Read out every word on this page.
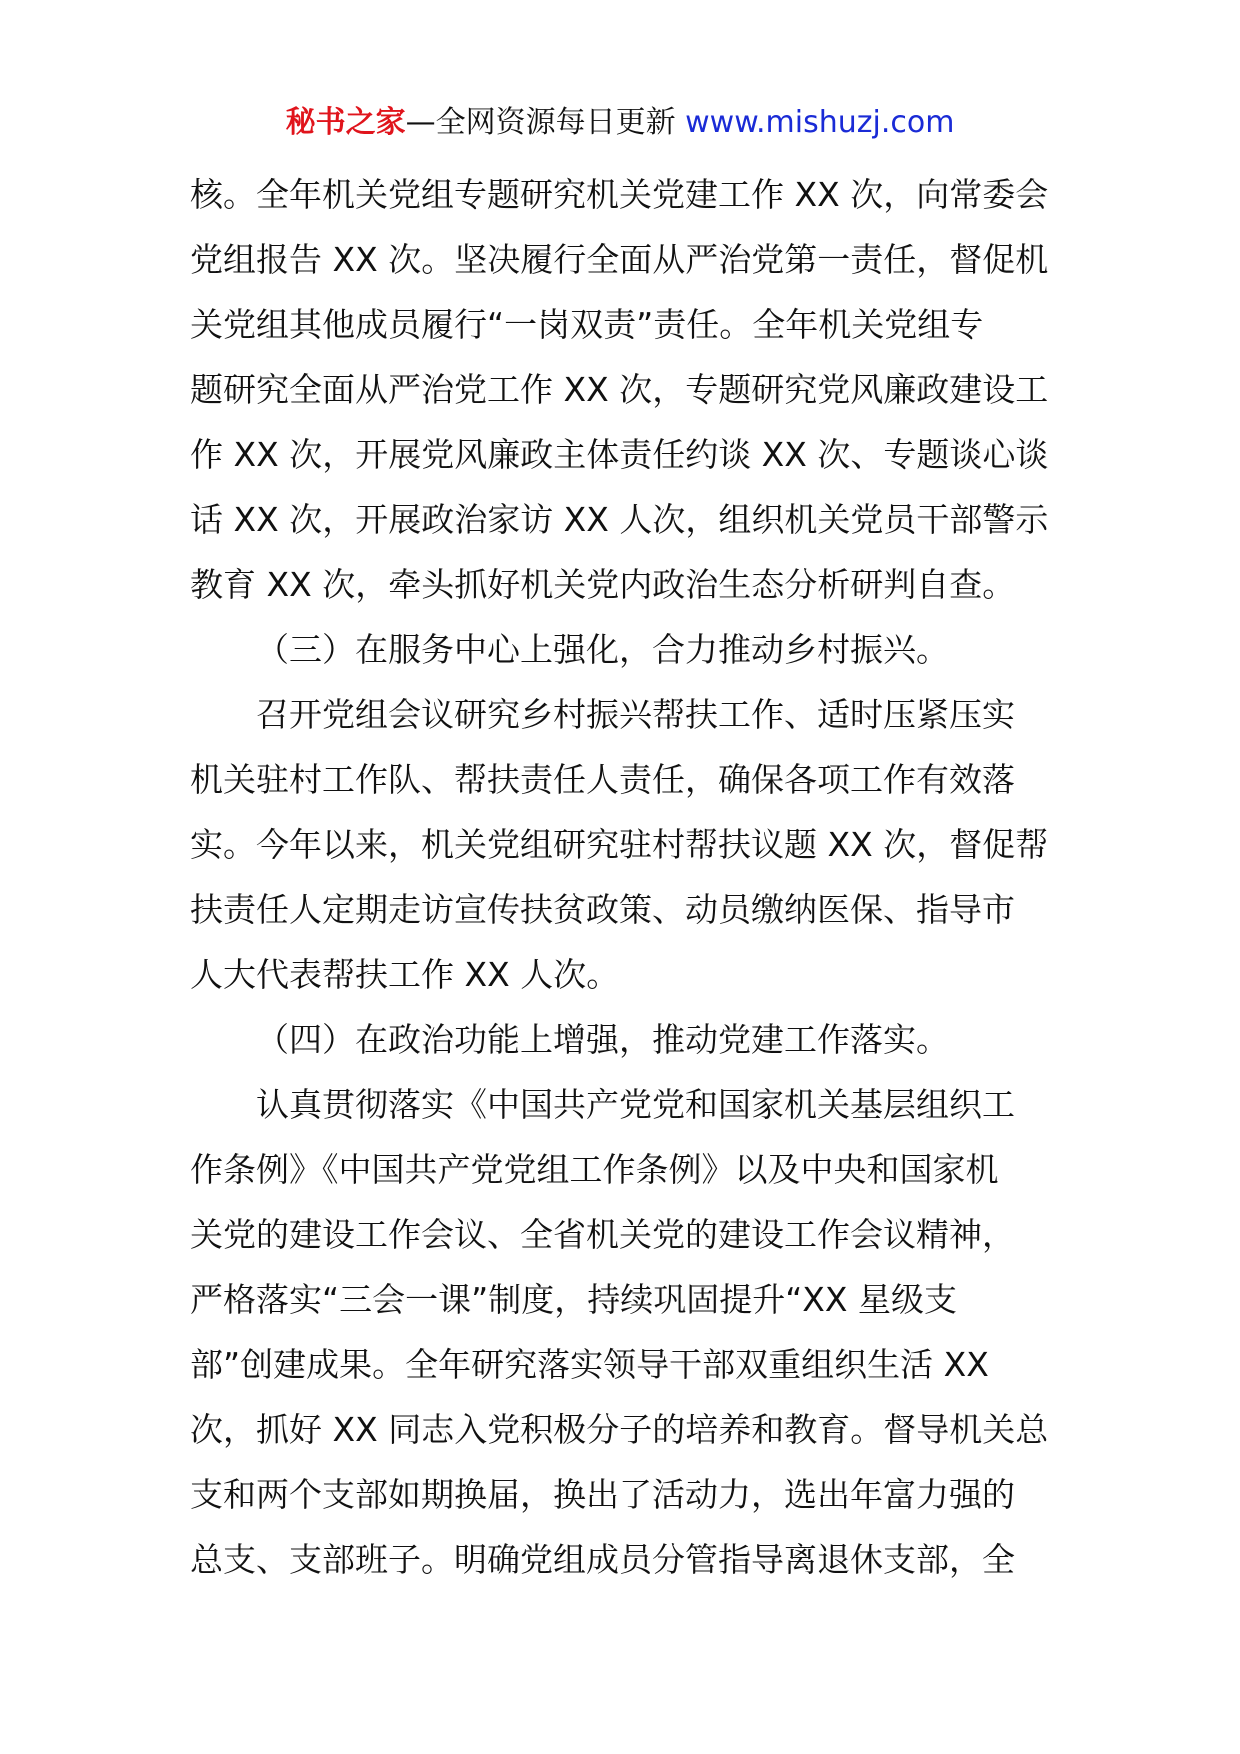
秘书之家—全网资源每日更新 www.mishuzj.com
核。全年机关党组专题研究机关党建工作 XX 次，向常委会
党组报告 XX 次。坚决履行全面从严治党第一责任，督促机
关党组其他成员履行“一岗双责”责任。全年机关党组专
题研究全面从严治党工作 XX 次，专题研究党风廉政建设工
作 XX 次，开展党风廉政主体责任约谈 XX 次、专题谈心谈
话 XX 次，开展政治家访 XX 人次，组织机关党员干部警示
教育 XX 次，牵头抓好机关党内政治生态分析研判自查。
（三）在服务中心上强化，合力推动乡村振兴。
召开党组会议研究乡村振兴帮扶工作、适时压紧压实
机关驻村工作队、帮扶责任人责任，确保各项工作有效落
实。今年以来，机关党组研究驻村帮扶议题 XX 次，督促帮
扶责任人定期走访宣传扶贫政策、动员缴纳医保、指导市
人大代表帮扶工作 XX 人次。
（四）在政治功能上增强，推动党建工作落实。
认真贯彻落实《中国共产党党和国家机关基层组织工
作条例》《中国共产党党组工作条例》以及中央和国家机
关党的建设工作会议、全省机关党的建设工作会议精神，
严格落实“三会一课”制度，持续巩固提升“XX 星级支
部”创建成果。全年研究落实领导干部双重组织生活 XX
次，抓好 XX 同志入党积极分子的培养和教育。督导机关总
支和两个支部如期换届，换出了活动力，选出年富力强的
总支、支部班子。明确党组成员分管指导离退休支部，全
